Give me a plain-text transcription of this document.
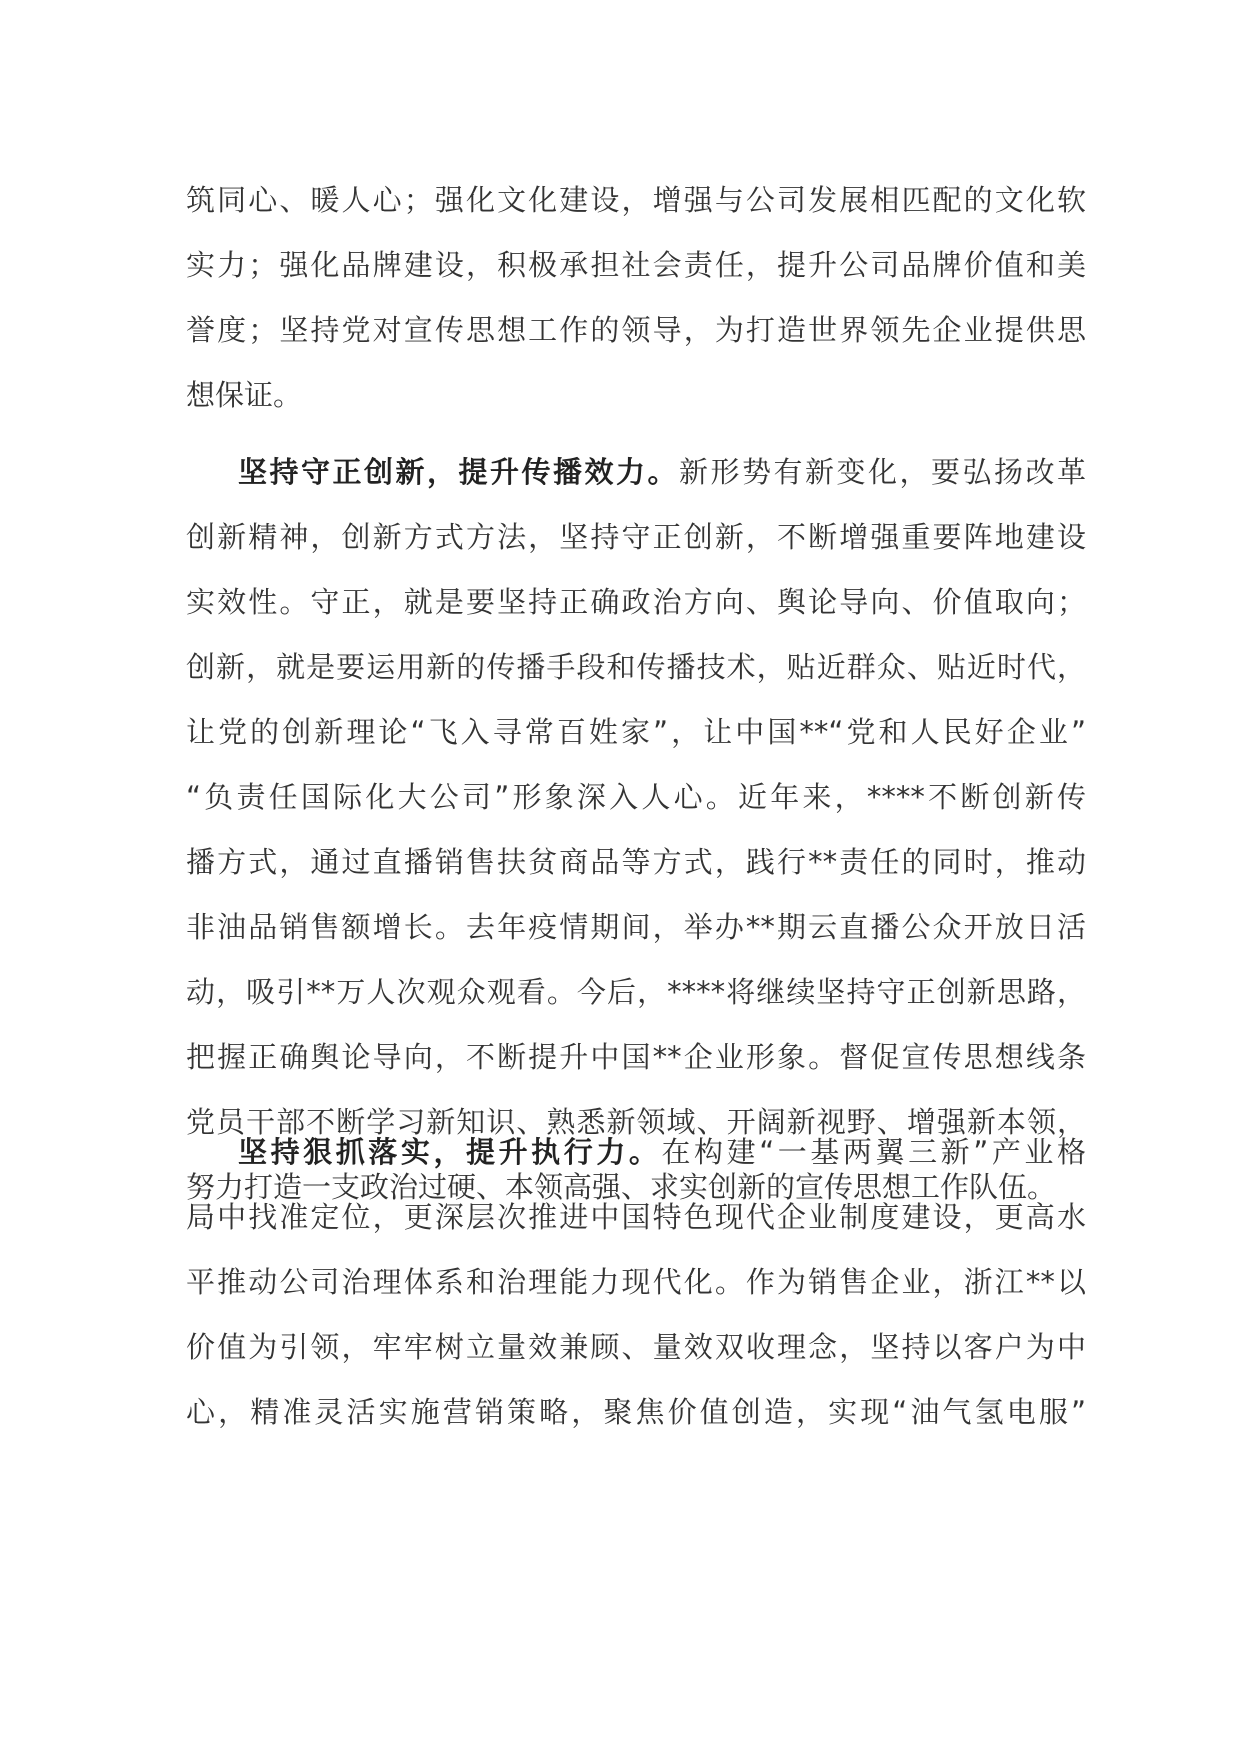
筑同心、暖人心；强化文化建设，增强与公司发展相匹配的文化软
实力；强化品牌建设，积极承担社会责任，提升公司品牌价值和美
誉度；坚持党对宣传思想工作的领导，为打造世界领先企业提供思
想保证。
坚持守正创新，提升传播效力。新形势有新变化，要弘扬改革
创新精神，创新方式方法，坚持守正创新，不断增强重要阵地建设
实效性。守正，就是要坚持正确政治方向、舆论导向、价值取向；
创新，就是要运用新的传播手段和传播技术，贴近群众、贴近时代，
让党的创新理论“飞入寻常百姓家”，让中国**“党和人民好企业”
“负责任国际化大公司”形象深入人心。近年来，****不断创新传
播方式，通过直播销售扶贫商品等方式，践行**责任的同时，推动
非油品销售额增长。去年疫情期间，举办**期云直播公众开放日活
动，吸引**万人次观众观看。今后，****将继续坚持守正创新思路，
把握正确舆论导向，不断提升中国**企业形象。督促宣传思想线条
党员干部不断学习新知识、熟悉新领域、开阔新视野、增强新本领，
努力打造一支政治过硬、本领高强、求实创新的宣传思想工作队伍。
坚持狠抓落实，提升执行力。在构建“一基两翼三新”产业格
局中找准定位，更深层次推进中国特色现代企业制度建设，更高水
平推动公司治理体系和治理能力现代化。作为销售企业，浙江**以
价值为引领，牢牢树立量效兼顾、量效双收理念，坚持以客户为中
心，精准灵活实施营销策略，聚焦价值创造，实现“油气氢电服”
